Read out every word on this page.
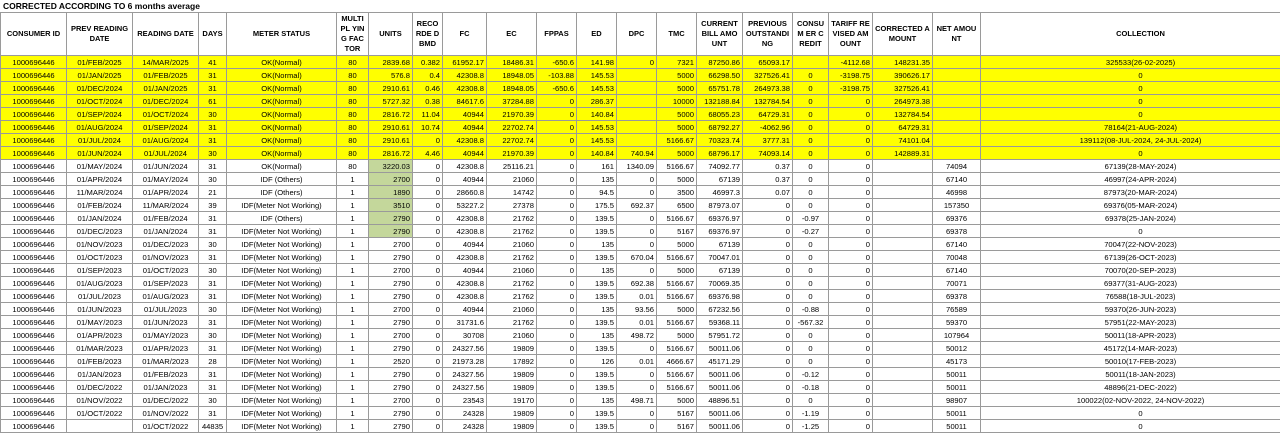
CORRECTED ACCORDING TO 6 months average
CONSUMER ID	PREV READING DATE	READING DATE	DAYS	METER STATUS	MULTIPL YING FACTOR	UNITS	RECORDE D BMD	FC	EC	FPPAS	ED	DPC	TMC	CURRENT BILL AMOUNT	PREVIOUS OUTSTANDI NG	CONSUM ER CREDIT	TARIFF REVISED AMOUNT	CORRECTED AMOUNT	NET AMOUNT	COLLECTION
1000696446	01/FEB/2025	14/MAR/2025	41	OK(Normal)	80	2839.68	0.382	61952.17	18486.31	-650.6	141.98	0	7321	87250.86	65093.17		-4112.68	148231.35		325533(26-02-2025)
1000696446	01/JAN/2025	01/FEB/2025	31	OK(Normal)	80	576.8	0.4	42308.8	18948.05	-103.88	145.53		5000	66298.50	327526.41	0	-3198.75	390626.17		0
1000696446	01/DEC/2024	01/JAN/2025	31	OK(Normal)	80	2910.61	0.46	42308.8	18948.05	-650.6	145.53		5000	65751.78	264973.38	0	-3198.75	327526.41		0
1000696446	01/OCT/2024	01/DEC/2024	61	OK(Normal)	80	5727.32	0.38	84617.6	37284.88	0	286.37		10000	132188.84	132784.54	0	0	264973.38		0
1000696446	01/SEP/2024	01/OCT/2024	30	OK(Normal)	80	2816.72	11.04	40944	21970.39	0	140.84		5000	68055.23	64729.31	0	0	132784.54		0
1000696446	01/AUG/2024	01/SEP/2024	31	OK(Normal)	80	2910.61	10.74	40944	22702.74	0	145.53		5000	68792.27	-4062.96	0	0	64729.31		78164(21-AUG-2024)
1000696446	01/JUL/2024	01/AUG/2024	31	OK(Normal)	80	2910.61	0	42308.8	22702.74	0	145.53		5166.67	70323.74	3777.31	0	0	74101.04		139112(08-JUL-2024, 24-JUL-2024)
1000696446	01/JUN/2024	01/JUL/2024	30	OK(Normal)	80	2816.72	4.46	40944	21970.39	0	140.84	740.94	5000	68796.17	74093.14	0	0	142889.31		0
1000696446	01/MAY/2024	01/JUN/2024	31	OK(Normal)	80	3220.03	0	42308.8	25116.21	0	161	1340.09	5166.67	74092.77	0.37	0	0		74094	67139(28-MAY-2024)
1000696446	01/APR/2024	01/MAY/2024	30	IDF (Others)	1	2700	0	40944	21060	0	135	0	5000	67139	0.37	0	0		67140	46997(24-APR-2024)
1000696446	11/MAR/2024	01/APR/2024	21	IDF (Others)	1	1890	0	28660.8	14742	0	94.5	0	3500	46997.3	0.07	0	0		46998	87973(20-MAR-2024)
1000696446	01/FEB/2024	11/MAR/2024	39	IDF(Meter Not Working)	1	3510	0	53227.2	27378	0	175.5	692.37	6500	87973.07	0	0	0		157350	69376(05-MAR-2024)
1000696446	01/JAN/2024	01/FEB/2024	31	IDF (Others)	1	2790	0	42308.8	21762	0	139.5	0	5166.67	69376.97	0	-0.97	0		69376	69378(25-JAN-2024)
1000696446	01/DEC/2023	01/JAN/2024	31	IDF(Meter Not Working)	1	2790	0	42308.8	21762	0	139.5	0	5167	69376.97	0	-0.27	0		69378	0
1000696446	01/NOV/2023	01/DEC/2023	30	IDF(Meter Not Working)	1	2700	0	40944	21060	0	135	0	5000	67139	0	0	0		67140	70047(22-NOV-2023)
1000696446	01/OCT/2023	01/NOV/2023	31	IDF(Meter Not Working)	1	2790	0	42308.8	21762	0	139.5	670.04	5166.67	70047.01	0	0	0		70048	67139(26-OCT-2023)
1000696446	01/SEP/2023	01/OCT/2023	30	IDF(Meter Not Working)	1	2700	0	40944	21060	0	135	0	5000	67139	0	0	0		67140	70070(20-SEP-2023)
1000696446	01/AUG/2023	01/SEP/2023	31	IDF(Meter Not Working)	1	2790	0	42308.8	21762	0	139.5	692.38	5166.67	70069.35	0	0	0		70071	69377(31-AUG-2023)
1000696446	01/JUL/2023	01/AUG/2023	31	IDF(Meter Not Working)	1	2790	0	42308.8	21762	0	139.5	0.01	5166.67	69376.98	0	0	0		69378	76588(18-JUL-2023)
1000696446	01/JUN/2023	01/JUL/2023	30	IDF(Meter Not Working)	1	2700	0	40944	21060	0	135	93.56	5000	67232.56	0	-0.88	0		76589	59370(26-JUN-2023)
1000696446	01/MAY/2023	01/JUN/2023	31	IDF(Meter Not Working)	1	2790	0	31731.6	21762	0	139.5	0.01	5166.67	59368.11	0	-567.32	0		59370	57951(22-MAY-2023)
1000696446	01/APR/2023	01/MAY/2023	30	IDF(Meter Not Working)	1	2700	0	30708	21060	0	135	498.72	5000	57951.72	0	0	0		107964	50011(18-APR-2023)
1000696446	01/MAR/2023	01/APR/2023	31	IDF(Meter Not Working)	1	2790	0	24327.56	19809	0	139.5	0	5166.67	50011.06	0	0	0		50012	45172(14-MAR-2023)
1000696446	01/FEB/2023	01/MAR/2023	28	IDF(Meter Not Working)	1	2520	0	21973.28	17892	0	126	0.01	4666.67	45171.29	0	0	0		45173	50010(17-FEB-2023)
1000696446	01/JAN/2023	01/FEB/2023	31	IDF(Meter Not Working)	1	2790	0	24327.56	19809	0	139.5	0	5166.67	50011.06	0	-0.12	0		50011	50011(18-JAN-2023)
1000696446	01/DEC/2022	01/JAN/2023	31	IDF(Meter Not Working)	1	2790	0	24327.56	19809	0	139.5	0	5166.67	50011.06	0	-0.18	0		50011	48896(21-DEC-2022)
1000696446	01/NOV/2022	01/DEC/2022	30	IDF(Meter Not Working)	1	2700	0	23543	19170	0	135	498.71	5000	48896.51	0	0	0		98907	100022(02-NOV-2022, 24-NOV-2022)
1000696446	01/OCT/2022	01/NOV/2022	31	IDF(Meter Not Working)	1	2790	0	24328	19809	0	139.5	0	5167	50011.06	0	-1.19	0		50011	0
1000696446		01/OCT/2022	44835	IDF(Meter Not Working)	1	2790	0	24328	19809	0	139.5	0	5167	50011.06	0	-1.25	0		50011	0
